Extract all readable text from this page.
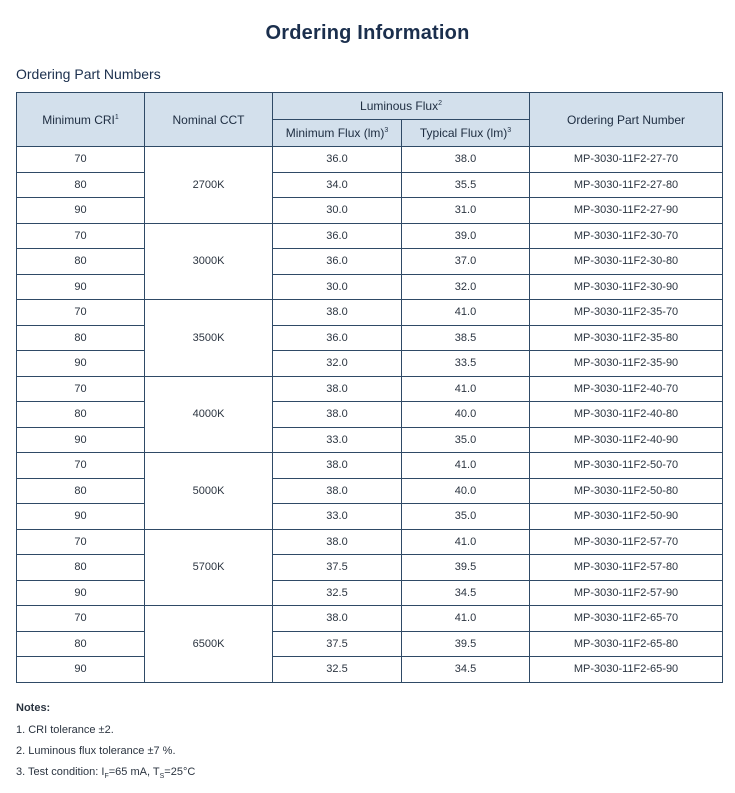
Ordering Information
Ordering Part Numbers
Minimum CRI$^1$	Nominal CCT	Luminous Flux$^2$		Ordering Part Number
		Minimum Flux (lm)$^3$	Typical Flux (lm)$^3$
70	2700K	36.0	38.0	MP-3030-11F2-27-70
80		34.0	35.5	MP-3030-11F2-27-80
90		30.0	31.0	MP-3030-11F2-27-90
70	3000K	36.0	39.0	MP-3030-11F2-30-70
80		36.0	37.0	MP-3030-11F2-30-80
90		30.0	32.0	MP-3030-11F2-30-90
70	3500K	38.0	41.0	MP-3030-11F2-35-70
80		36.0	38.5	MP-3030-11F2-35-80
90		32.0	33.5	MP-3030-11F2-35-90
70	4000K	38.0	41.0	MP-3030-11F2-40-70
80		38.0	40.0	MP-3030-11F2-40-80
90		33.0	35.0	MP-3030-11F2-40-90
70	5000K	38.0	41.0	MP-3030-11F2-50-70
80		38.0	40.0	MP-3030-11F2-50-80
90		33.0	35.0	MP-3030-11F2-50-90
70	5700K	38.0	41.0	MP-3030-11F2-57-70
80		37.5	39.5	MP-3030-11F2-57-80
90		32.5	34.5	MP-3030-11F2-57-90
70	6500K	38.0	41.0	MP-3030-11F2-65-70
80		37.5	39.5	MP-3030-11F2-65-80
90		32.5	34.5	MP-3030-11F2-65-90
Notes:
1. CRI tolerance ±2.
2. Luminous flux tolerance ±7 %.
3. Test condition: $I_F=65$ mA, $T_S=25^\circ C$
